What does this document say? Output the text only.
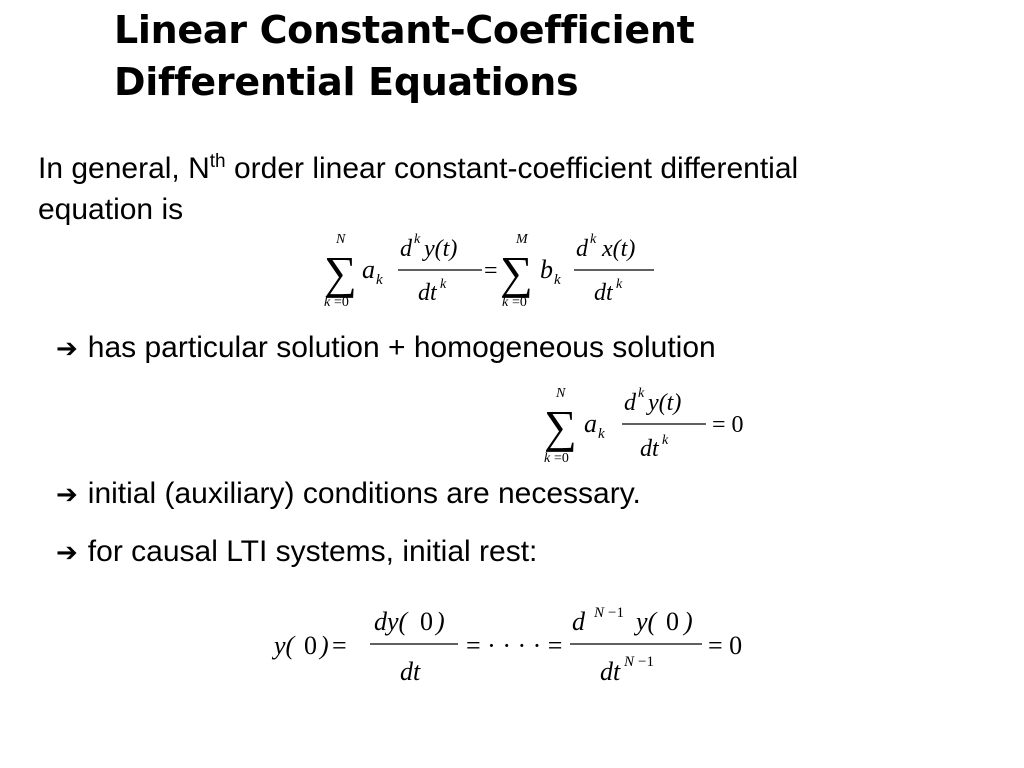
Linear Constant-Coefficient
Differential Equations
In general, $N^{th}$ order linear constant-coefficient differential
equation is
N
∑
k =0
a k
d k y(t)
dt k
=
M
∑
k =0
b k
d k x(t)
dt k
➔ has particular solution + homogeneous solution
N
∑
k =0
a k
d k y(t)
dt k
= 0
➔ initial (auxiliary) conditions are necessary.
➔ for causal LTI systems, initial rest:
y( 0 ) =
dy( 0 )
dt
= · · · · =
d N −1 y( 0 )
dt N −1
= 0
